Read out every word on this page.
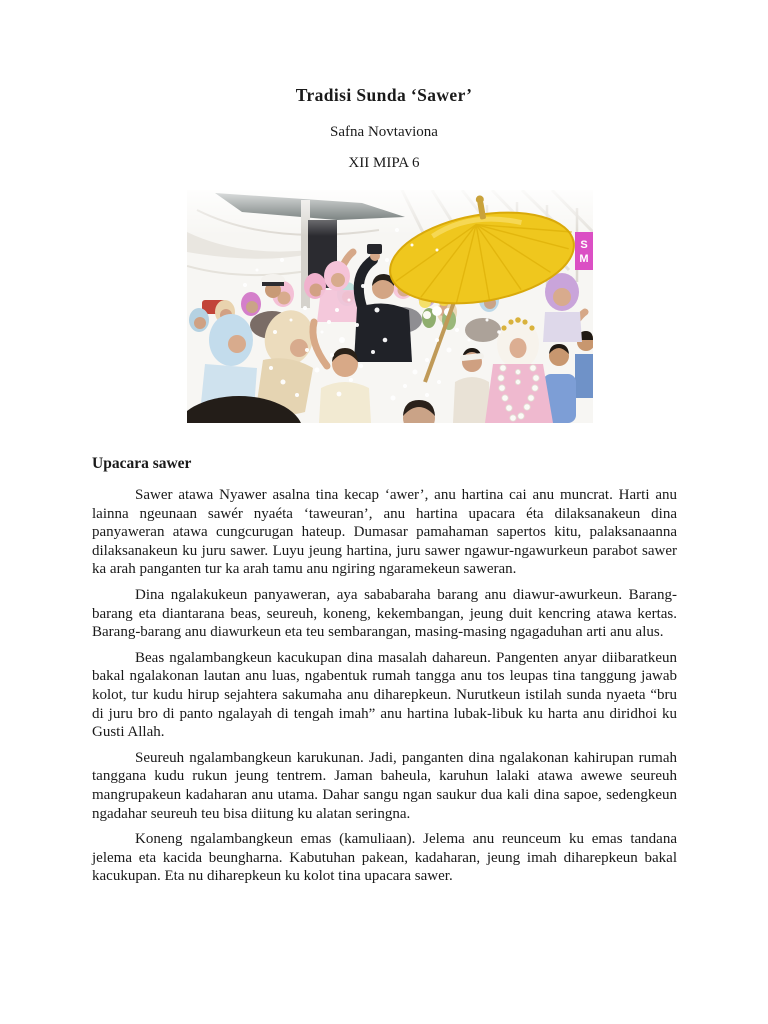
Tradisi Sunda ‘Sawer’
Safna Novtaviona
XII MIPA 6
S
M
Upacara sawer

Sawer atawa Nyawer asalna tina kecap ‘awer’, anu hartina cai anu muncrat. Harti anu lainna ngeunaan sawér nyaéta ‘taweuran’, anu hartina upacara éta dilaksanakeun dina panyaweran atawa cungcurugan hateup. Dumasar pamahaman sapertos kitu, palaksanaanna dilaksanakeun ku juru sawer. Luyu jeung hartina, juru sawer ngawur-ngawurkeun parabot sawer ka arah panganten tur ka arah tamu anu ngiring ngaramekeun saweran.

Dina ngalakukeun panyaweran, aya sababaraha barang anu diawur-awurkeun. Barang-barang eta diantarana beas, seureuh, koneng, kekembangan, jeung duit kencring atawa kertas. Barang-barang anu diawurkeun eta teu sembarangan, masing-masing ngagaduhan arti anu alus.

Beas ngalambangkeun kacukupan dina masalah dahareun. Pangenten anyar diibaratkeun bakal ngalakonan lautan anu luas, ngabentuk rumah tangga anu tos leupas tina tanggung jawab kolot, tur kudu hirup sejahtera sakumaha anu diharepkeun. Nurutkeun istilah sunda nyaeta “bru di juru bro di panto ngalayah di tengah imah” anu hartina lubak-libuk ku harta anu diridhoi ku Gusti Allah.

Seureuh ngalambangkeun karukunan. Jadi, panganten dina ngalakonan kahirupan rumah tanggana kudu rukun jeung tentrem. Jaman baheula, karuhun lalaki atawa awewe seureuh mangrupakeun kadaharan anu utama. Dahar sangu ngan saukur dua kali dina sapoe, sedengkeun ngadahar seureuh teu bisa diitung ku alatan seringna.

Koneng ngalambangkeun emas (kamuliaan). Jelema anu reunceum ku emas tandana jelema eta kacida beungharna. Kabutuhan pakean, kadaharan, jeung imah diharepkeun bakal kacukupan. Eta nu diharepkeun ku kolot tina upacara sawer.
